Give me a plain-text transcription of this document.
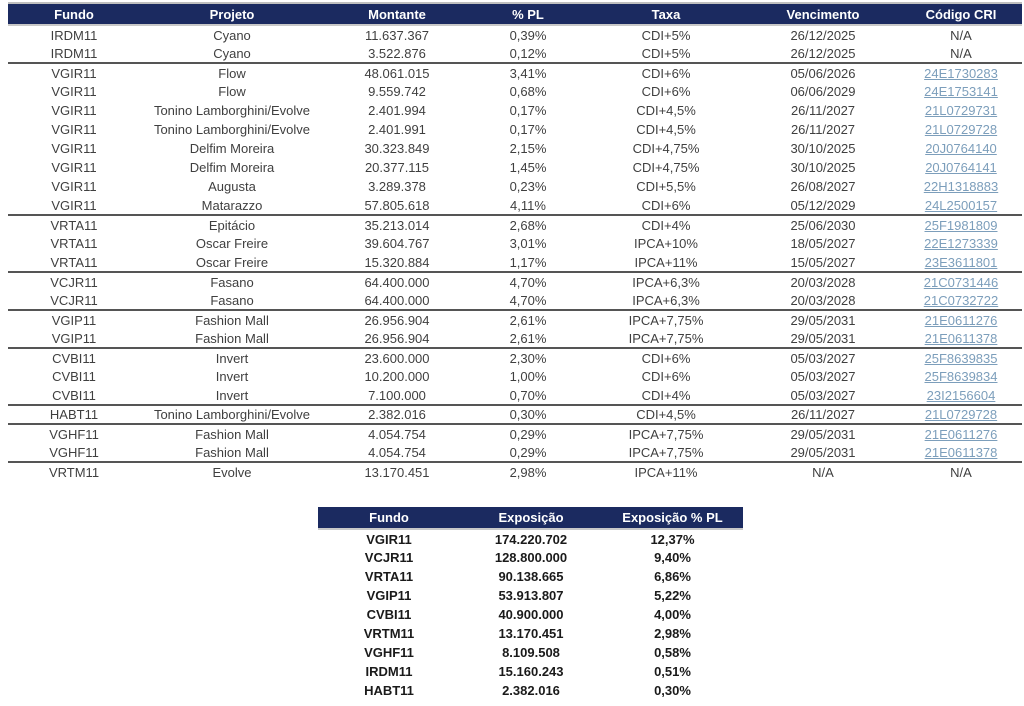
Fundo	Projeto	Montante	% PL	Taxa	Vencimento	Código CRI
IRDM11	Cyano	11.637.367	0,39%	CDI+5%	26/12/2025	N/A
IRDM11	Cyano	3.522.876	0,12%	CDI+5%	26/12/2025	N/A
VGIR11	Flow	48.061.015	3,41%	CDI+6%	05/06/2026	24E1730283
VGIR11	Flow	9.559.742	0,68%	CDI+6%	06/06/2029	24E1753141
VGIR11	Tonino Lamborghini/Evolve	2.401.994	0,17%	CDI+4,5%	26/11/2027	21L0729731
VGIR11	Tonino Lamborghini/Evolve	2.401.991	0,17%	CDI+4,5%	26/11/2027	21L0729728
VGIR11	Delfim Moreira	30.323.849	2,15%	CDI+4,75%	30/10/2025	20J0764140
VGIR11	Delfim Moreira	20.377.115	1,45%	CDI+4,75%	30/10/2025	20J0764141
VGIR11	Augusta	3.289.378	0,23%	CDI+5,5%	26/08/2027	22H1318883
VGIR11	Matarazzo	57.805.618	4,11%	CDI+6%	05/12/2029	24L2500157
VRTA11	Epitácio	35.213.014	2,68%	CDI+4%	25/06/2030	25F1981809
VRTA11	Oscar Freire	39.604.767	3,01%	IPCA+10%	18/05/2027	22E1273339
VRTA11	Oscar Freire	15.320.884	1,17%	IPCA+11%	15/05/2027	23E3611801
VCJR11	Fasano	64.400.000	4,70%	IPCA+6,3%	20/03/2028	21C0731446
VCJR11	Fasano	64.400.000	4,70%	IPCA+6,3%	20/03/2028	21C0732722
VGIP11	Fashion Mall	26.956.904	2,61%	IPCA+7,75%	29/05/2031	21E0611276
VGIP11	Fashion Mall	26.956.904	2,61%	IPCA+7,75%	29/05/2031	21E0611378
CVBI11	Invert	23.600.000	2,30%	CDI+6%	05/03/2027	25F8639835
CVBI11	Invert	10.200.000	1,00%	CDI+6%	05/03/2027	25F8639834
CVBI11	Invert	7.100.000	0,70%	CDI+4%	05/03/2027	23I2156604
HABT11	Tonino Lamborghini/Evolve	2.382.016	0,30%	CDI+4,5%	26/11/2027	21L0729728
VGHF11	Fashion Mall	4.054.754	0,29%	IPCA+7,75%	29/05/2031	21E0611276
VGHF11	Fashion Mall	4.054.754	0,29%	IPCA+7,75%	29/05/2031	21E0611378
VRTM11	Evolve	13.170.451	2,98%	IPCA+11%	N/A	N/A
Fundo	Exposição	Exposição % PL
VGIR11	174.220.702	12,37%
VCJR11	128.800.000	9,40%
VRTA11	90.138.665	6,86%
VGIP11	53.913.807	5,22%
CVBI11	40.900.000	4,00%
VRTM11	13.170.451	2,98%
VGHF11	8.109.508	0,58%
IRDM11	15.160.243	0,51%
HABT11	2.382.016	0,30%
